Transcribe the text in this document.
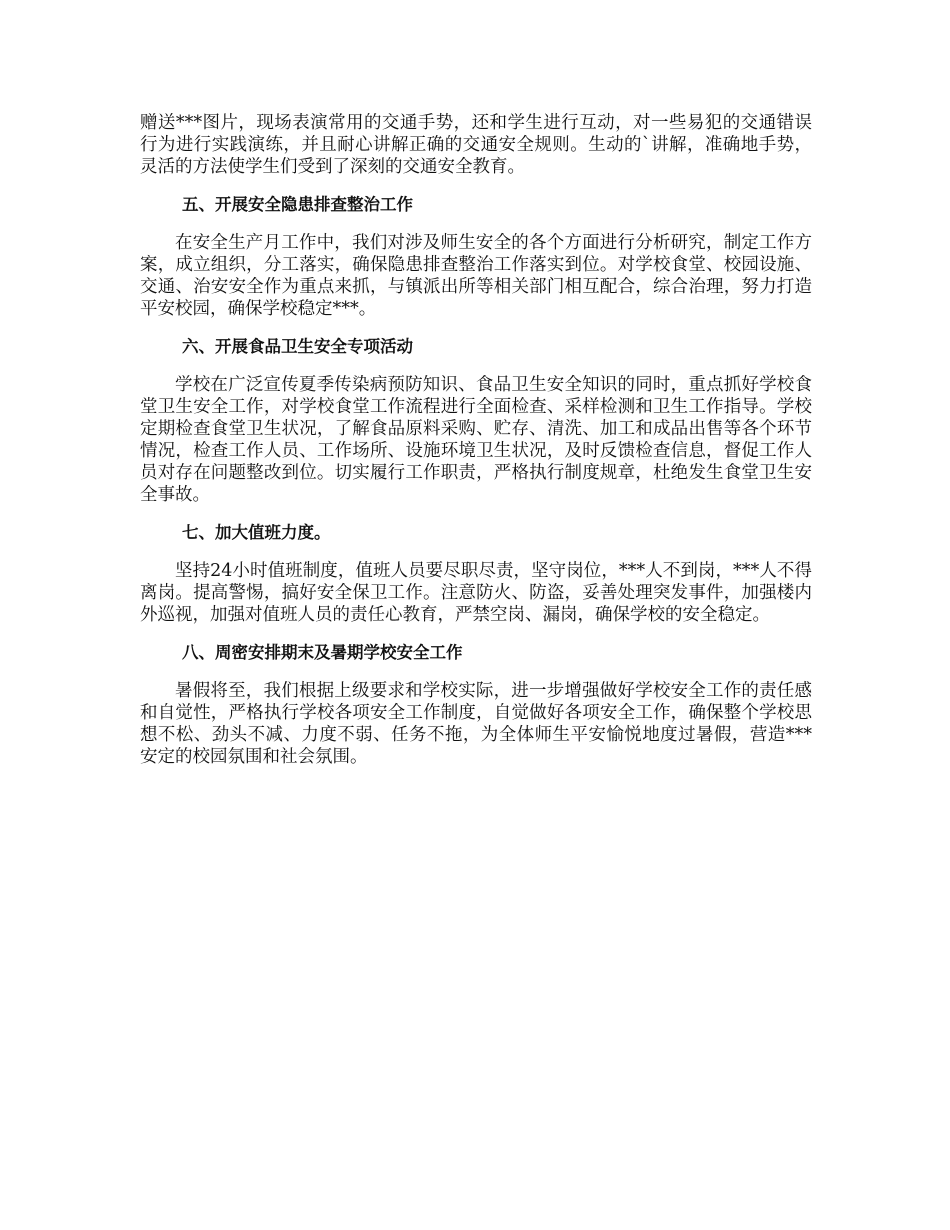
赠送***图片，现场表演常用的交通手势，还和学生进行互动，对一些易犯的交通错误行为进行实践演练，并且耐心讲解正确的交通安全规则。生动的`讲解，准确地手势，灵活的方法使学生们受到了深刻的交通安全教育。

五、开展安全隐患排查整治工作

在安全生产月工作中，我们对涉及师生安全的各个方面进行分析研究，制定工作方案，成立组织，分工落实，确保隐患排查整治工作落实到位。对学校食堂、校园设施、交通、治安安全作为重点来抓，与镇派出所等相关部门相互配合，综合治理，努力打造平安校园，确保学校稳定***。

六、开展食品卫生安全专项活动

学校在广泛宣传夏季传染病预防知识、食品卫生安全知识的同时，重点抓好学校食堂卫生安全工作，对学校食堂工作流程进行全面检查、采样检测和卫生工作指导。学校定期检查食堂卫生状况，了解食品原料采购、贮存、清洗、加工和成品出售等各个环节情况，检查工作人员、工作场所、设施环境卫生状况，及时反馈检查信息，督促工作人员对存在问题整改到位。切实履行工作职责，严格执行制度规章，杜绝发生食堂卫生安全事故。

七、加大值班力度。

坚持24小时值班制度，值班人员要尽职尽责，坚守岗位，***人不到岗，***人不得离岗。提高警惕，搞好安全保卫工作。注意防火、防盗，妥善处理突发事件，加强楼内外巡视，加强对值班人员的责任心教育，严禁空岗、漏岗，确保学校的安全稳定。

八、周密安排期末及暑期学校安全工作

暑假将至，我们根据上级要求和学校实际，进一步增强做好学校安全工作的责任感和自觉性，严格执行学校各项安全工作制度，自觉做好各项安全工作，确保整个学校思想不松、劲头不减、力度不弱、任务不拖，为全体师生平安愉悦地度过暑假，营造***安定的校园氛围和社会氛围。
